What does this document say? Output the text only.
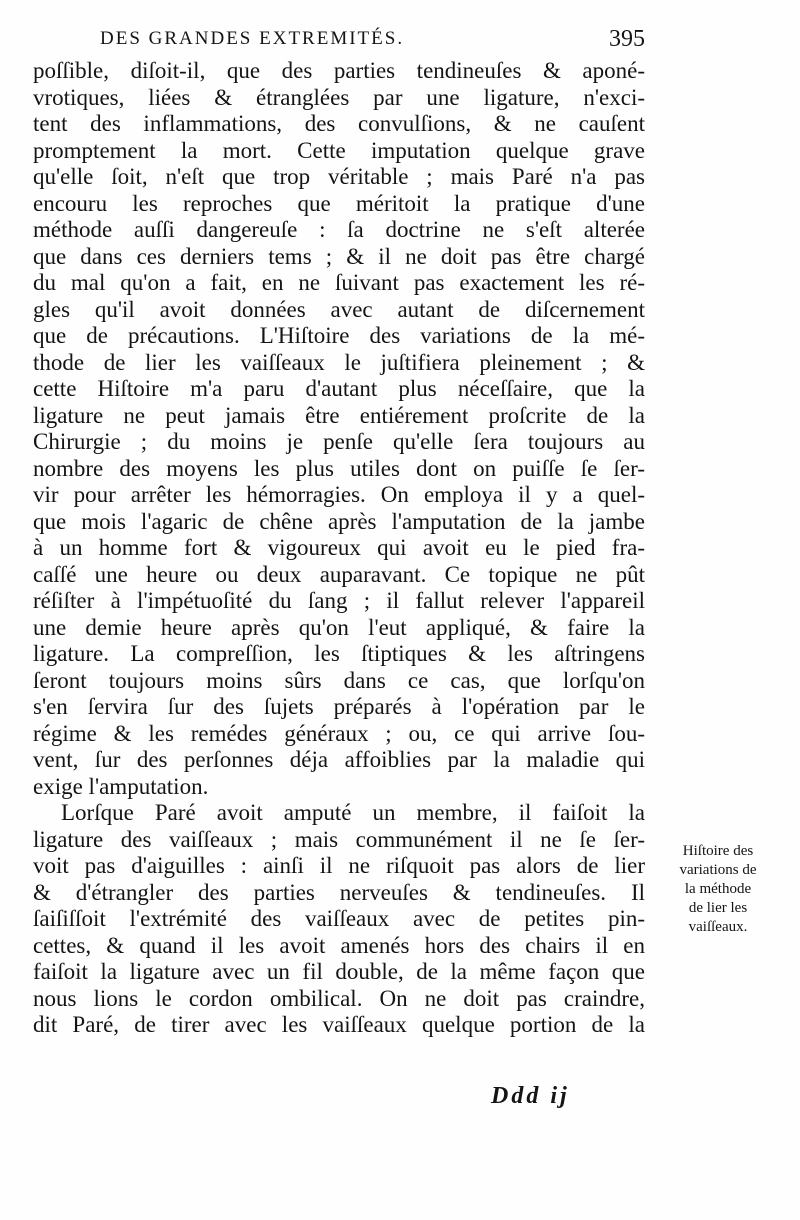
DES GRANDES EXTREMITÉS.	395
poſſible, diſoit-il, que des parties tendineuſes & aponé-
vrotiques, liées & étranglées par une ligature, n'exci-
tent des inflammations, des convulſions, & ne cauſent
promptement la mort. Cette imputation quelque grave
qu'elle ſoit, n'eſt que trop véritable ; mais Paré n'a pas
encouru les reproches que méritoit la pratique d'une
méthode auſſi dangereuſe : ſa doctrine ne s'eſt alterée
que dans ces derniers tems ; & il ne doit pas être chargé
du mal qu'on a fait, en ne ſuivant pas exactement les ré-
gles qu'il avoit données avec autant de diſcernement
que de précautions. L'Hiſtoire des variations de la mé-
thode de lier les vaiſſeaux le juſtifiera pleinement ; &
cette Hiſtoire m'a paru d'autant plus néceſſaire, que la
ligature ne peut jamais être entiérement proſcrite de la
Chirurgie ; du moins je penſe qu'elle ſera toujours au
nombre des moyens les plus utiles dont on puiſſe ſe ſer-
vir pour arrêter les hémorragies. On employa il y a quel-
que mois l'agaric de chêne après l'amputation de la jambe
à un homme fort & vigoureux qui avoit eu le pied fra-
caſſé une heure ou deux auparavant. Ce topique ne pût
réſiſter à l'impétuoſité du ſang ; il fallut relever l'appareil
une demie heure après qu'on l'eut appliqué, & faire la
ligature. La compreſſion, les ſtiptiques & les aſtringens
ſeront toujours moins sûrs dans ce cas, que lorſqu'on
s'en ſervira ſur des ſujets préparés à l'opération par le
régime & les remédes généraux ; ou, ce qui arrive ſou-
vent, ſur des perſonnes déja affoiblies par la maladie qui
exige l'amputation.
Lorſque Paré avoit amputé un membre, il faiſoit la
ligature des vaiſſeaux ; mais communément il ne ſe ſer-
voit pas d'aiguilles : ainſi il ne riſquoit pas alors de lier
& d'étrangler des parties nerveuſes & tendineuſes. Il
ſaiſiſſoit l'extrémité des vaiſſeaux avec de petites pin-
cettes, & quand il les avoit amenés hors des chairs il en
faiſoit la ligature avec un fil double, de la même façon que
nous lions le cordon ombilical. On ne doit pas craindre,
dit Paré, de tirer avec les vaiſſeaux quelque portion de la
Hiſtoire des
variations de
la méthode
de lier les
vaiſſeaux.
Ddd ij
